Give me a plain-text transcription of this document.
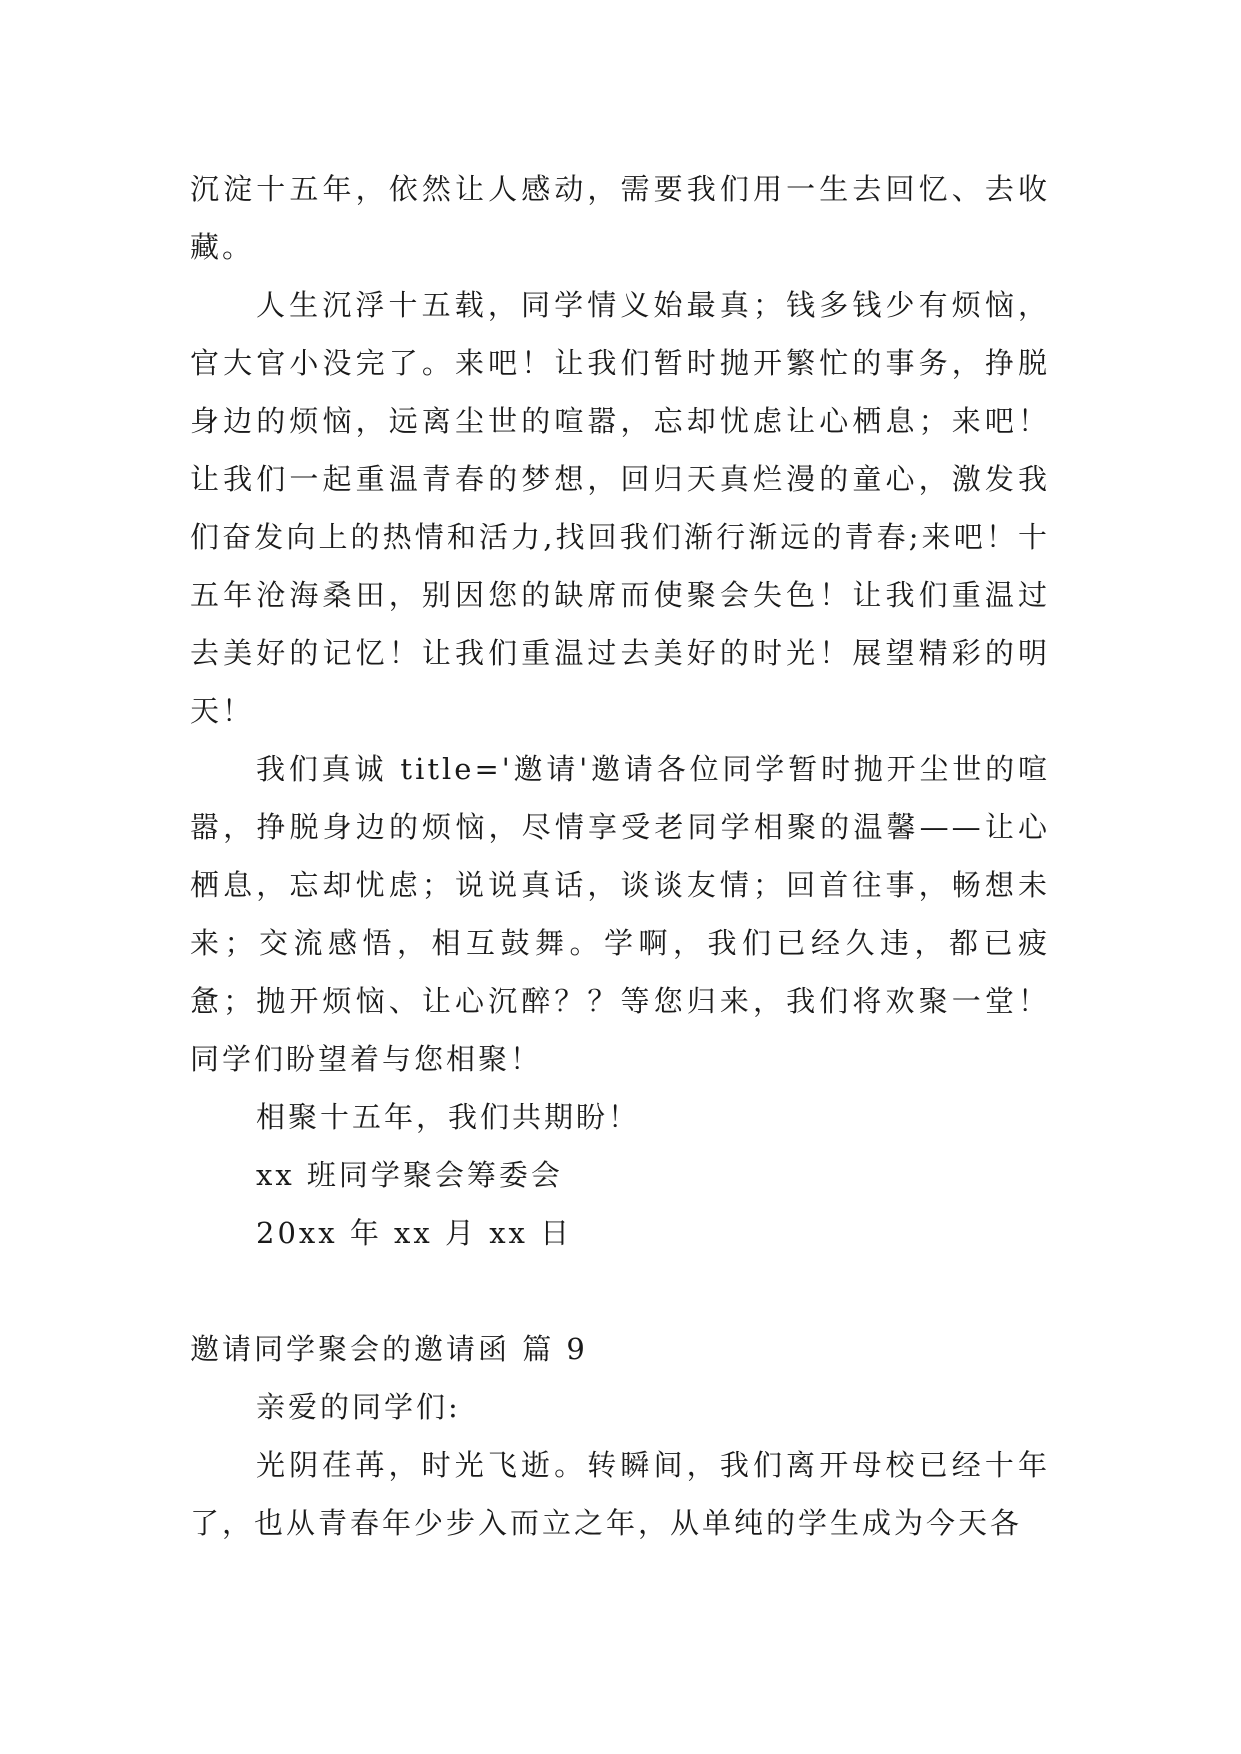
沉淀十五年，依然让人感动，需要我们用一生去回忆、去收藏。

人生沉浮十五载，同学情义始最真；钱多钱少有烦恼，官大官小没完了。来吧！让我们暂时抛开繁忙的事务，挣脱身边的烦恼，远离尘世的喧嚣，忘却忧虑让心栖息；来吧！让我们一起重温青春的梦想，回归天真烂漫的童心，激发我们奋发向上的热情和活力,找回我们渐行渐远的青春;来吧！十五年沧海桑田，别因您的缺席而使聚会失色！让我们重温过去美好的记忆！让我们重温过去美好的时光！展望精彩的明天！

我们真诚 title='邀请'邀请各位同学暂时抛开尘世的喧嚣，挣脱身边的烦恼，尽情享受老同学相聚的温馨——让心栖息，忘却忧虑；说说真话，谈谈友情；回首往事，畅想未来；交流感悟，相互鼓舞。学啊，我们已经久违，都已疲惫；抛开烦恼、让心沉醉？？等您归来，我们将欢聚一堂！同学们盼望着与您相聚！

相聚十五年，我们共期盼！

xx 班同学聚会筹委会

20xx 年 xx 月 xx 日

邀请同学聚会的邀请函 篇 9

亲爱的同学们:

光阴荏苒，时光飞逝。转瞬间，我们离开母校已经十年了，也从青春年少步入而立之年，从单纯的学生成为今天各
